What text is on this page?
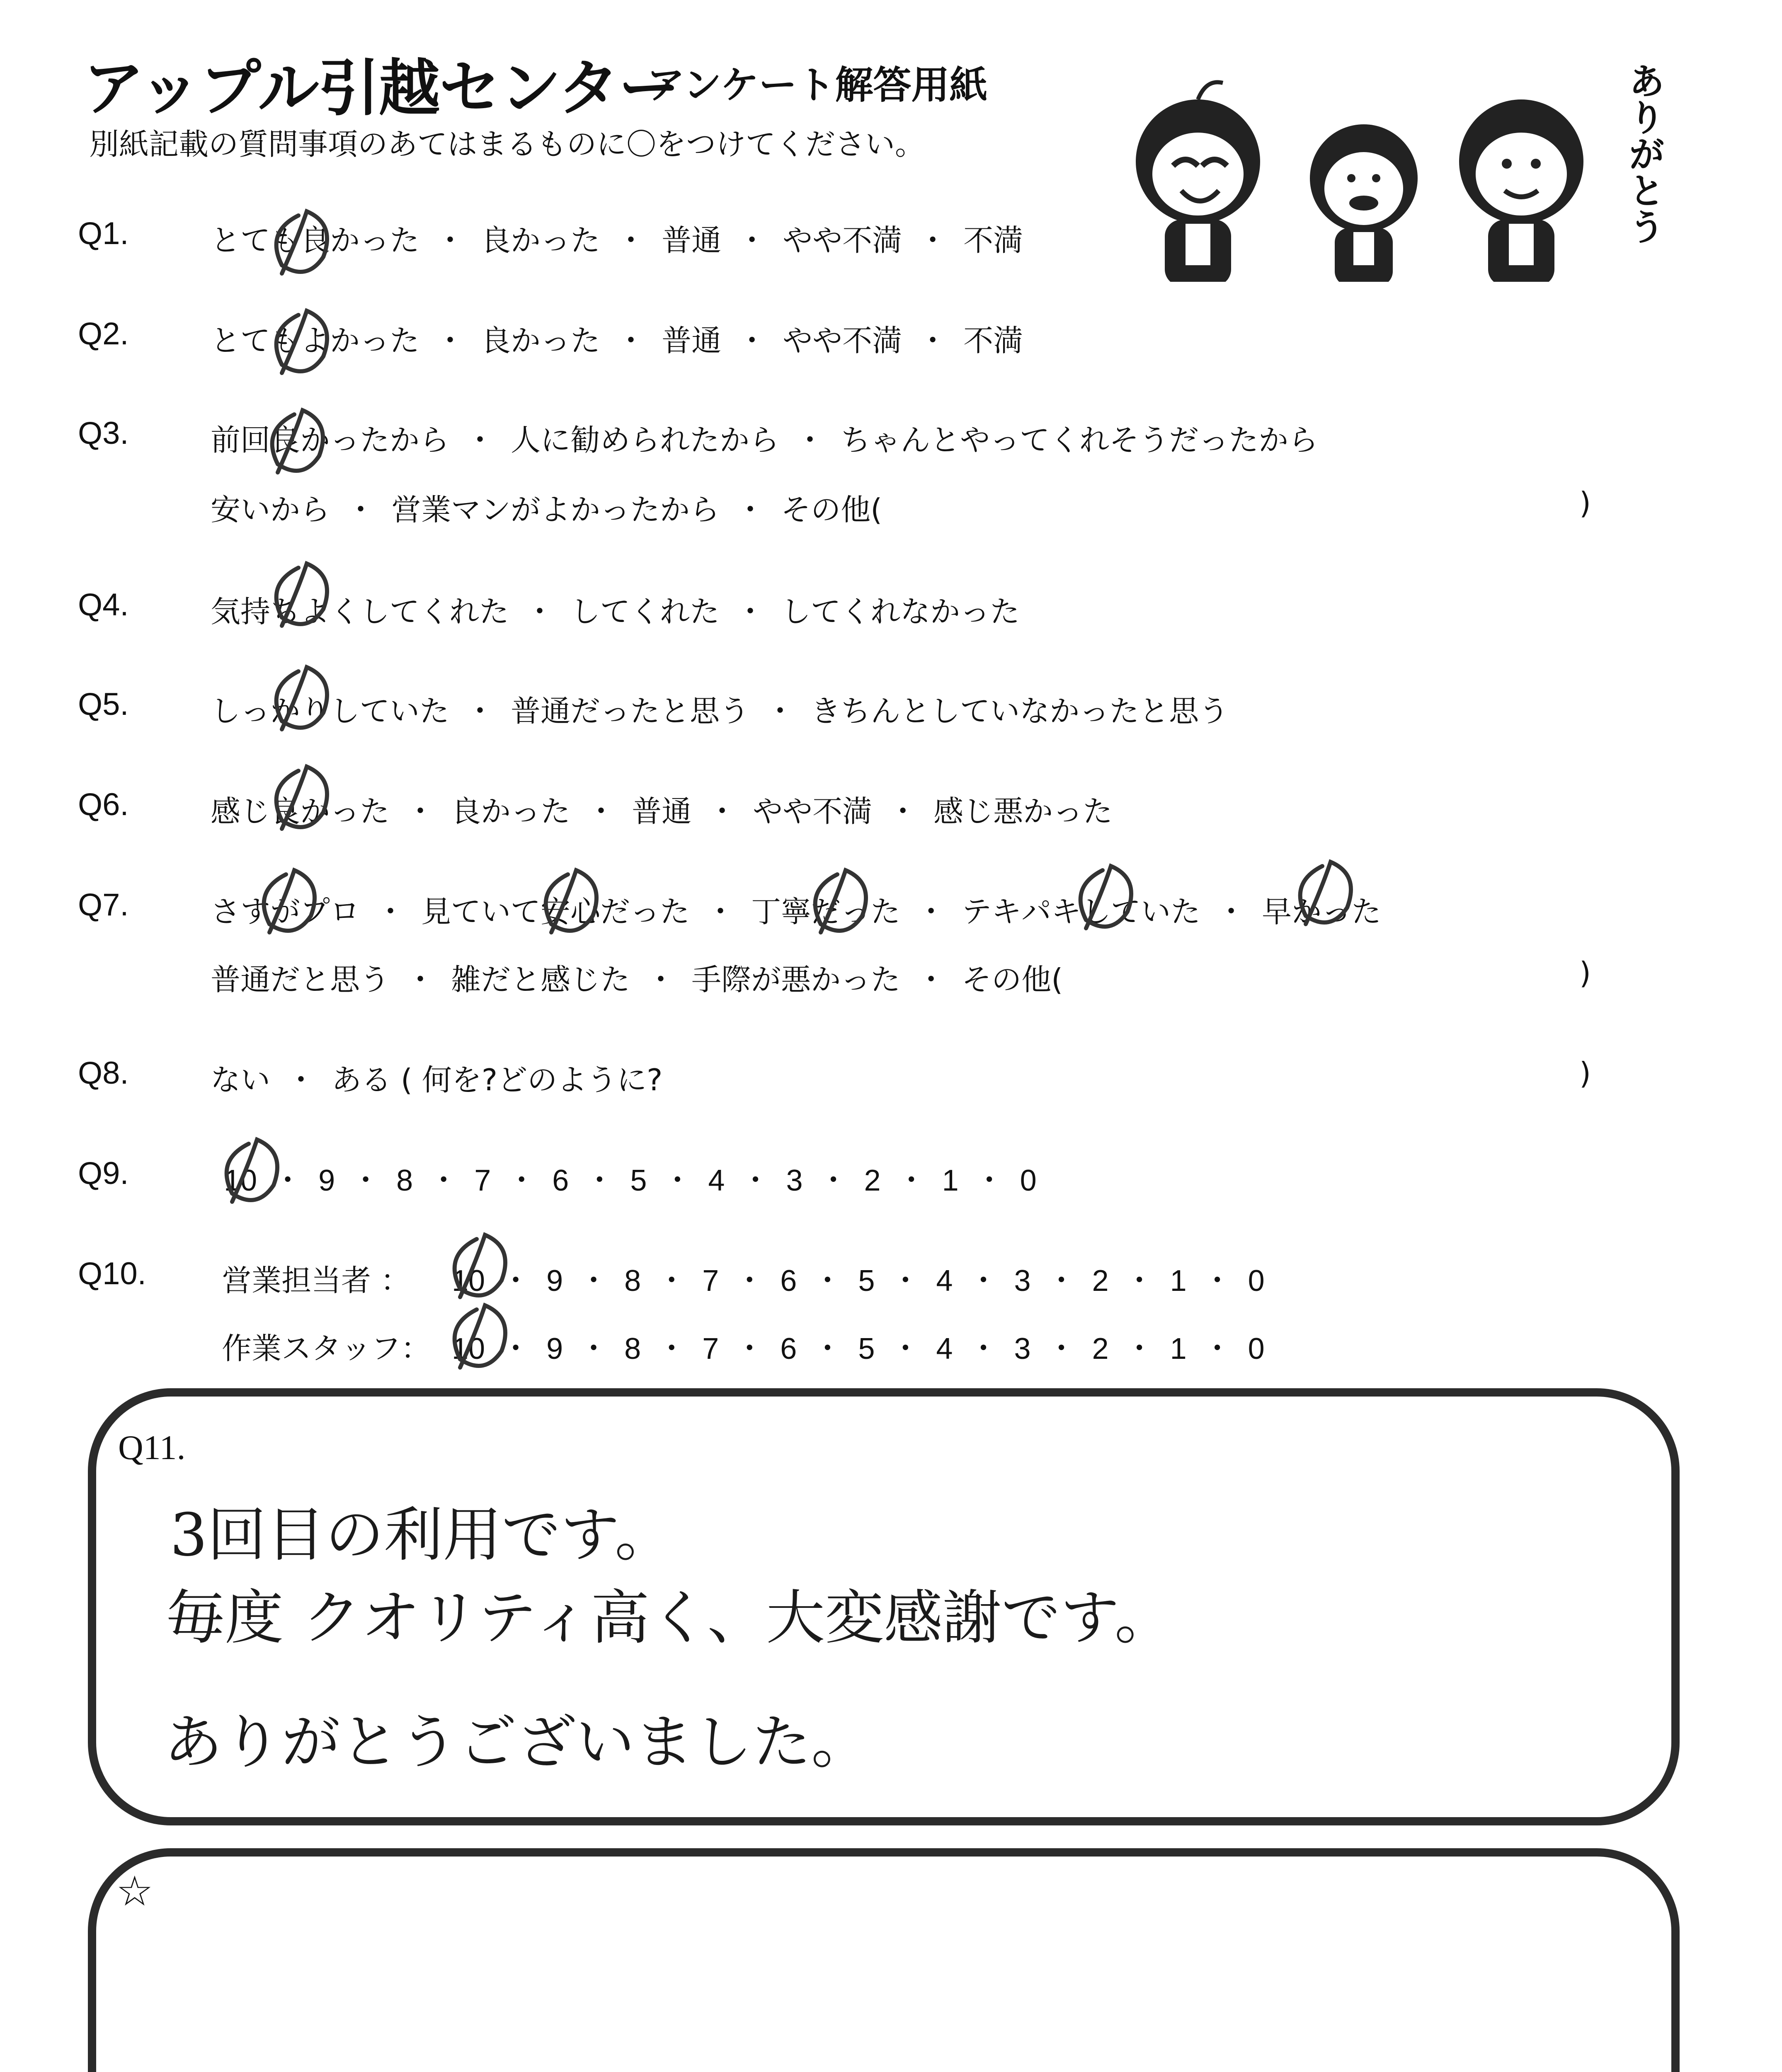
アップル引越センター
アンケート解答用紙
別紙記載の質問事項のあてはまるものに〇をつけてください。	ありがとう
Q1.	とても良かった ・ 良かった ・ 普通 ・ やや不満 ・ 不満
Q2.	とてもよかった ・ 良かった ・ 普通 ・ やや不満 ・ 不満
Q3.	前回良かったから ・ 人に勧められたから ・ ちゃんとやってくれそうだったから
安いから ・ 営業マンがよかったから ・ その他(	)
Q4.	気持ちよくしてくれた ・ してくれた ・ してくれなかった
Q5.	しっかりしていた ・ 普通だったと思う ・ きちんとしていなかったと思う
Q6.	感じ良かった ・ 良かった ・ 普通 ・ やや不満 ・ 感じ悪かった
Q7.	さすがプロ ・ 見ていて安心だった ・ 丁寧だった ・ テキパキしていた ・ 早かった
普通だと思う ・ 雑だと感じた ・ 手際が悪かった ・ その他(	)
Q8.	ない ・ ある ( 何を?どのように?	)
Q9.	10 ・ 9 ・ 8 ・ 7 ・ 6 ・ 5 ・ 4 ・ 3 ・ 2 ・ 1 ・ 0
Q10.	営業担当者 ： 10 ・ 9 ・ 8 ・ 7 ・ 6 ・ 5 ・ 4 ・ 3 ・ 2 ・ 1 ・ 0
作業スタッフ： 10 ・ 9 ・ 8 ・ 7 ・ 6 ・ 5 ・ 4 ・ 3 ・ 2 ・ 1 ・ 0
Q11.
3回目の利用です。
毎度 クオリティ高く、大変感謝です。
ありがとうございました。
☆
